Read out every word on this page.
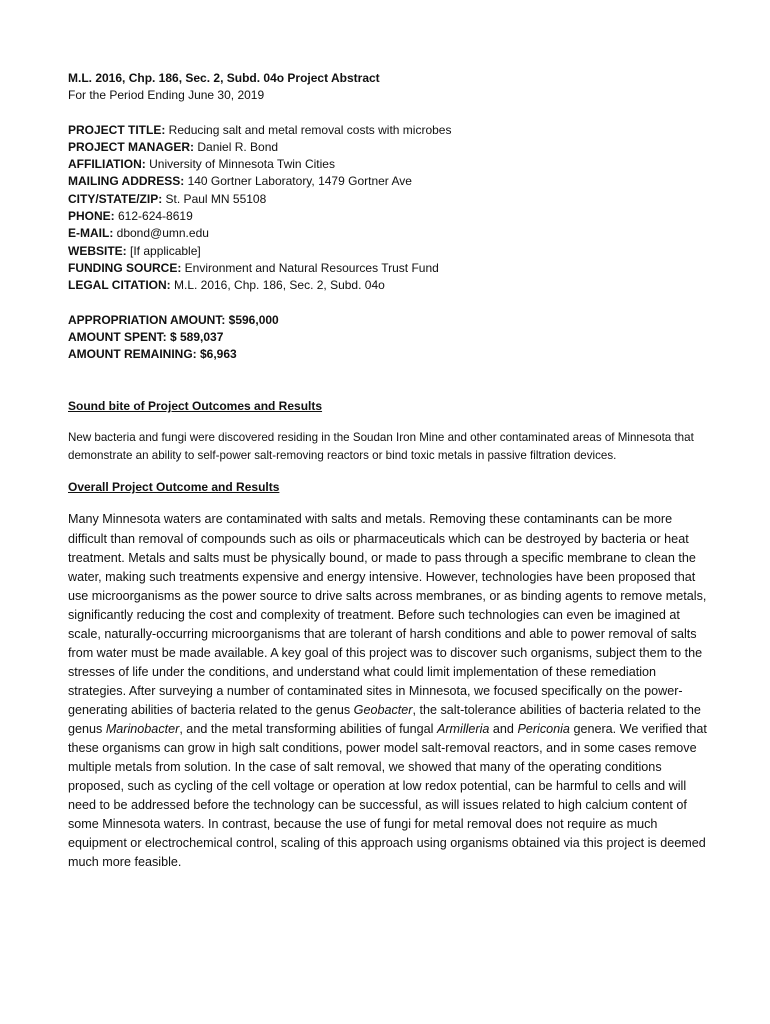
M.L. 2016, Chp. 186, Sec. 2, Subd. 04o Project Abstract
For the Period Ending June 30, 2019
PROJECT TITLE: Reducing salt and metal removal costs with microbes
PROJECT MANAGER: Daniel R. Bond
AFFILIATION: University of Minnesota Twin Cities
MAILING ADDRESS: 140 Gortner Laboratory, 1479 Gortner Ave
CITY/STATE/ZIP: St. Paul MN 55108
PHONE: 612-624-8619
E-MAIL: dbond@umn.edu
WEBSITE: [If applicable]
FUNDING SOURCE: Environment and Natural Resources Trust Fund
LEGAL CITATION: M.L. 2016, Chp. 186, Sec. 2, Subd. 04o
APPROPRIATION AMOUNT: $596,000
AMOUNT SPENT: $ 589,037
AMOUNT REMAINING: $6,963
Sound bite of Project Outcomes and Results
New bacteria and fungi were discovered residing in the Soudan Iron Mine and other contaminated areas of Minnesota that demonstrate an ability to self-power salt-removing reactors or bind toxic metals in passive filtration devices.
Overall Project Outcome and Results
Many Minnesota waters are contaminated with salts and metals. Removing these contaminants can be more difficult than removal of compounds such as oils or pharmaceuticals which can be destroyed by bacteria or heat treatment. Metals and salts must be physically bound, or made to pass through a specific membrane to clean the water, making such treatments expensive and energy intensive. However, technologies have been proposed that use microorganisms as the power source to drive salts across membranes, or as binding agents to remove metals, significantly reducing the cost and complexity of treatment. Before such technologies can even be imagined at scale, naturally-occurring microorganisms that are tolerant of harsh conditions and able to power removal of salts from water must be made available. A key goal of this project was to discover such organisms, subject them to the stresses of life under the conditions, and understand what could limit implementation of these remediation strategies. After surveying a number of contaminated sites in Minnesota, we focused specifically on the power-generating abilities of bacteria related to the genus Geobacter, the salt-tolerance abilities of bacteria related to the genus Marinobacter, and the metal transforming abilities of fungal Armilleria and Periconia genera. We verified that these organisms can grow in high salt conditions, power model salt-removal reactors, and in some cases remove multiple metals from solution. In the case of salt removal, we showed that many of the operating conditions proposed, such as cycling of the cell voltage or operation at low redox potential, can be harmful to cells and will need to be addressed before the technology can be successful, as will issues related to high calcium content of some Minnesota waters. In contrast, because the use of fungi for metal removal does not require as much equipment or electrochemical control, scaling of this approach using organisms obtained via this project is deemed much more feasible.
